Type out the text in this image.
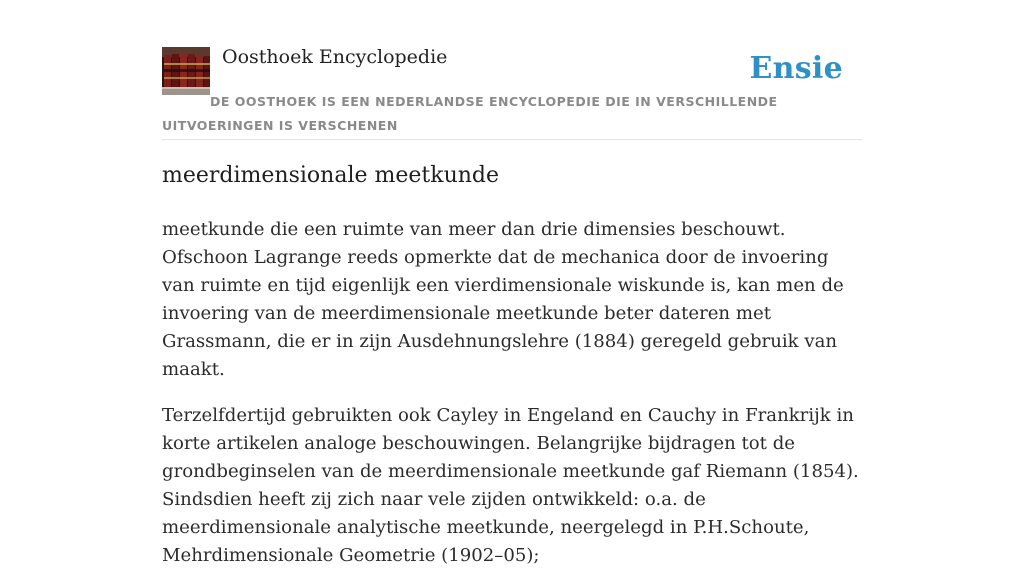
Oosthoek Encyclopedie	Ensie
DE OOSTHOEK IS EEN NEDERLANDSE ENCYCLOPEDIE DIE IN VERSCHILLENDE UITVOERINGEN IS VERSCHENEN
meerdimensionale meetkunde

meetkunde die een ruimte van meer dan drie dimensies beschouwt. Ofschoon Lagrange reeds opmerkte dat de mechanica door de invoering van ruimte en tijd eigenlijk een vierdimensionale wiskunde is, kan men de invoering van de meerdimensionale meetkunde beter dateren met Grassmann, die er in zijn Ausdehnungslehre (1884) geregeld gebruik van maakt.

Terzelfdertijd gebruikten ook Cayley in Engeland en Cauchy in Frankrijk in korte artikelen analoge beschouwingen. Belangrijke bijdragen tot de grondbeginselen van de meerdimensionale meetkunde gaf Riemann (1854). Sindsdien heeft zij zich naar vele zijden ontwikkeld: o.a. de meerdimensionale analytische meetkunde, neergelegd in P.H.Schoute, Mehrdimensionale Geometrie (1902–05);
